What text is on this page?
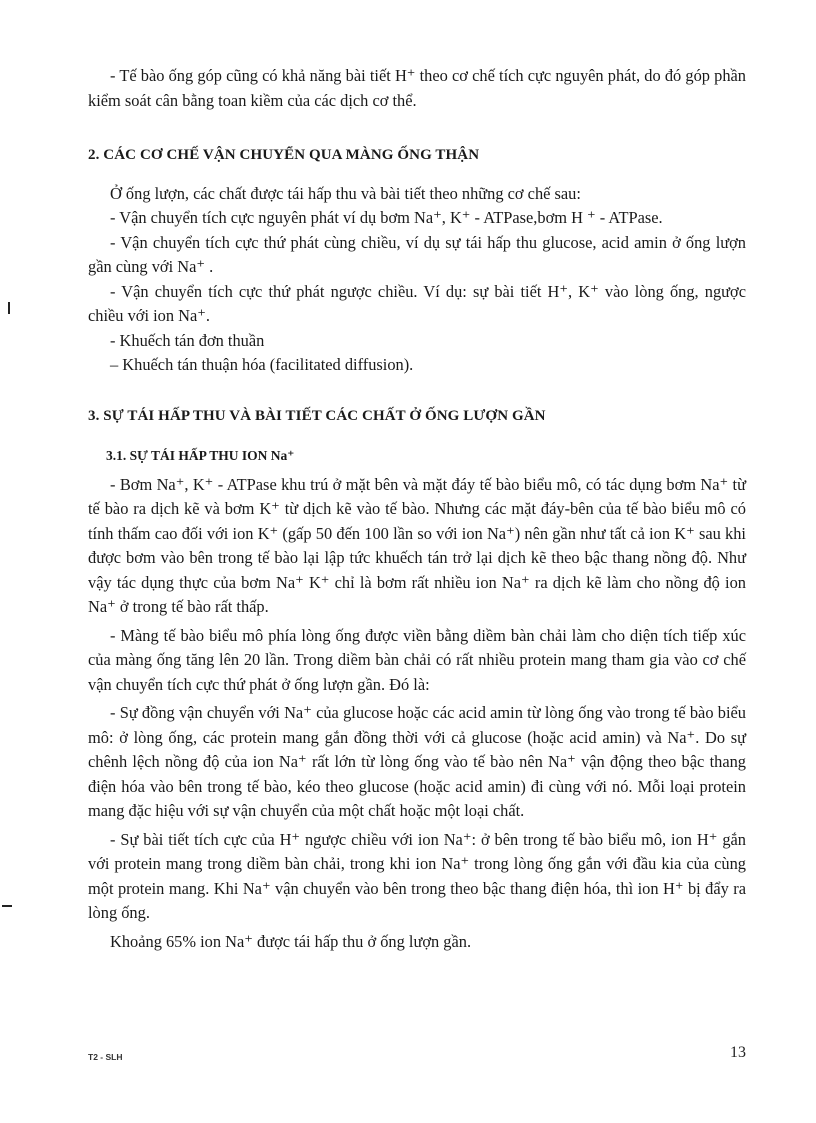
- Tế bào ống góp cũng có khả năng bài tiết H⁺ theo cơ chế tích cực nguyên phát, do đó góp phần kiểm soát cân bằng toan kiềm của các dịch cơ thể.

2. CÁC CƠ CHẾ VẬN CHUYỂN QUA MÀNG ỐNG THẬN

Ở ống lượn, các chất được tái hấp thu và bài tiết theo những cơ chế sau:

- Vận chuyển tích cực nguyên phát ví dụ bơm Na⁺, K⁺ - ATPase,bơm H ⁺ - ATPase.

- Vận chuyển tích cực thứ phát cùng chiều, ví dụ sự tái hấp thu glucose, acid amin ở ống lượn gần cùng với Na⁺ .

- Vận chuyển tích cực thứ phát ngược chiều. Ví dụ: sự bài tiết H⁺, K⁺ vào lòng ống, ngược chiều với ion Na⁺.

- Khuếch tán đơn thuần

– Khuếch tán thuận hóa (facilitated diffusion).

3. SỰ TÁI HẤP THU VÀ BÀI TIẾT CÁC CHẤT Ở ỐNG LƯỢN GẦN
3.1. SỰ TÁI HẤP THU ION Na⁺

- Bơm Na⁺, K⁺ - ATPase khu trú ở mặt bên và mặt đáy tế bào biểu mô, có tác dụng bơm Na⁺ từ tế bào ra dịch kẽ và bơm K⁺ từ dịch kẽ vào tế bào. Nhưng các mặt đáy-bên của tế bào biểu mô có tính thấm cao đối với ion K⁺ (gấp 50 đến 100 lần so với ion Na⁺) nên gần như tất cả ion K⁺ sau khi được bơm vào bên trong tế bào lại lập tức khuếch tán trở lại dịch kẽ theo bậc thang nồng độ. Như vậy tác dụng thực của bơm Na⁺ K⁺ chỉ là bơm rất nhiều ion Na⁺ ra dịch kẽ làm cho nồng độ ion Na⁺ ở trong tế bào rất thấp.

- Màng tế bào biểu mô phía lòng ống được viền bằng diềm bàn chải làm cho diện tích tiếp xúc của màng ống tăng lên 20 lần. Trong diềm bàn chải có rất nhiều protein mang tham gia vào cơ chế vận chuyển tích cực thứ phát ở ống lượn gần. Đó là:

- Sự đồng vận chuyển với Na⁺ của glucose hoặc các acid amin từ lòng ống vào trong tế bào biểu mô: ở lòng ống, các protein mang gắn đồng thời với cả glucose (hoặc acid amin) và Na⁺. Do sự chênh lệch nồng độ của ion Na⁺ rất lớn từ lòng ống vào tế bào nên Na⁺ vận động theo bậc thang điện hóa vào bên trong tế bào, kéo theo glucose (hoặc acid amin) đi cùng với nó. Mỗi loại protein mang đặc hiệu với sự vận chuyển của một chất hoặc một loại chất.

- Sự bài tiết tích cực của H⁺ ngược chiều với ion Na⁺: ở bên trong tế bào biểu mô, ion H⁺ gắn với protein mang trong diềm bàn chải, trong khi ion Na⁺ trong lòng ống gắn với đầu kia của cùng một protein mang. Khi Na⁺ vận chuyển vào bên trong theo bậc thang điện hóa, thì ion H⁺ bị đẩy ra lòng ống.

Khoảng 65% ion Na⁺ được tái hấp thu ở ống lượn gần.

T2 - SLH	13
